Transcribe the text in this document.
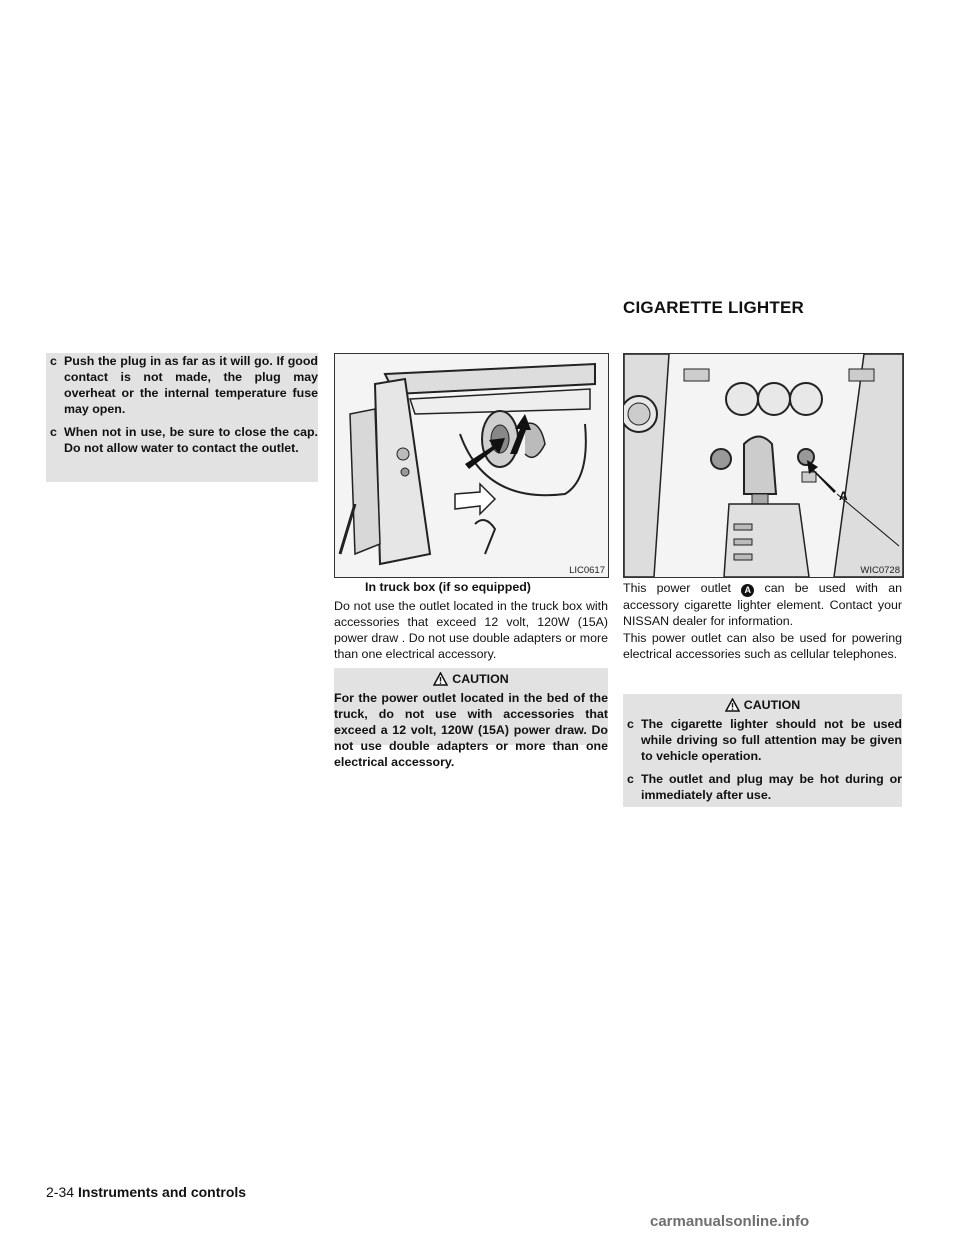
CIGARETTE LIGHTER
c Push the plug in as far as it will go. If good contact is not made, the plug may overheat or the internal temperature fuse may open.
c When not in use, be sure to close the cap. Do not allow water to contact the outlet.
LIC0617
In truck box (if so equipped)
Do not use the outlet located in the truck box with accessories that exceed 12 volt, 120W (15A) power draw . Do not use double adapters or more than one electrical accessory.
CAUTION
For the power outlet located in the bed of the truck, do not use with accessories that exceed a 12 volt, 120W (15A) power draw. Do not use double adapters or more than one electrical accessory.
A
WIC0728
This power outlet A can be used with an accessory cigarette lighter element. Contact your NISSAN dealer for information.
This power outlet can also be used for powering electrical accessories such as cellular telephones.
CAUTION
c The cigarette lighter should not be used while driving so full attention may be given to vehicle operation.
c The outlet and plug may be hot during or immediately after use.
2-34 Instruments and controls
carmanualsonline.info
